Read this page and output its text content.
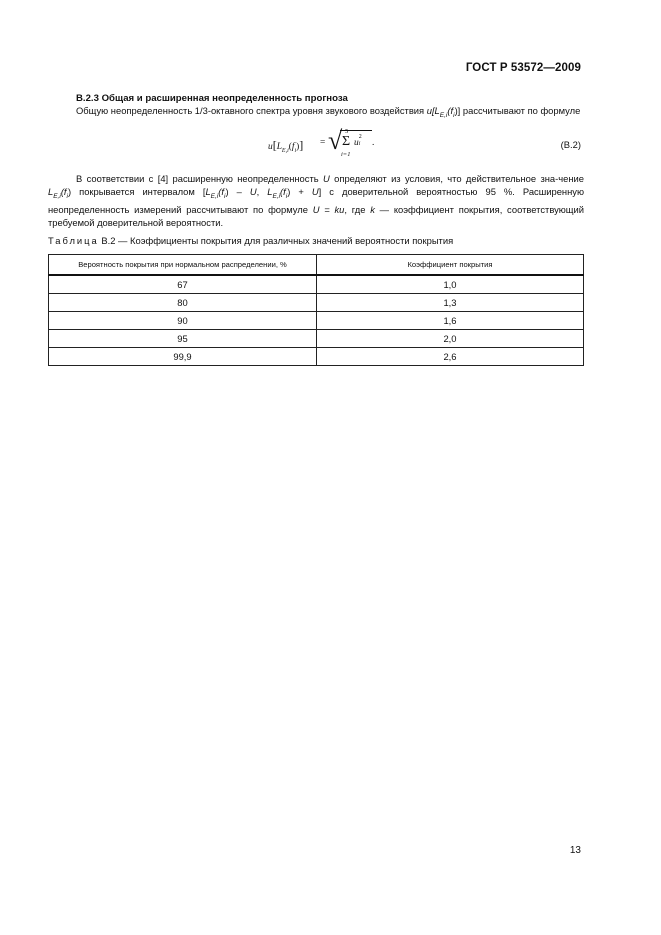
ГОСТ Р 53572—2009
В.2.3 Общая и расширенная неопределенность прогноза
Общую неопределенность 1/3-октавного спектра уровня звукового воздействия $u[L_{E,i}(f_i)]$ рассчитывают по формуле
$u[L_{E,i}(f_i)]$ = √ 5
Σ
i=1
u
2
i .	(В.2)
В соответствии с [4] расширенную неопределенность U определяют из условия, что действительное зна-чение $L_{E,i}(f_i)$ покрывается интервалом [$L_{E,i}(f_i)$ – U, $L_{E,i}(f_i) + U$] с доверительной вероятностью 95 %. Расширенную неопределенность измерений рассчитывают по формуле U = ku, где k — коэффициент покрытия, соответствующий требуемой доверительной вероятности.
Таблица В.2 — Коэффициенты покрытия для различных значений вероятности покрытия
Вероятность покрытия при нормальном распределении, %	Коэффициент покрытия
67	1,0
80	1,3
90	1,6
95	2,0
99,9	2,6
13
